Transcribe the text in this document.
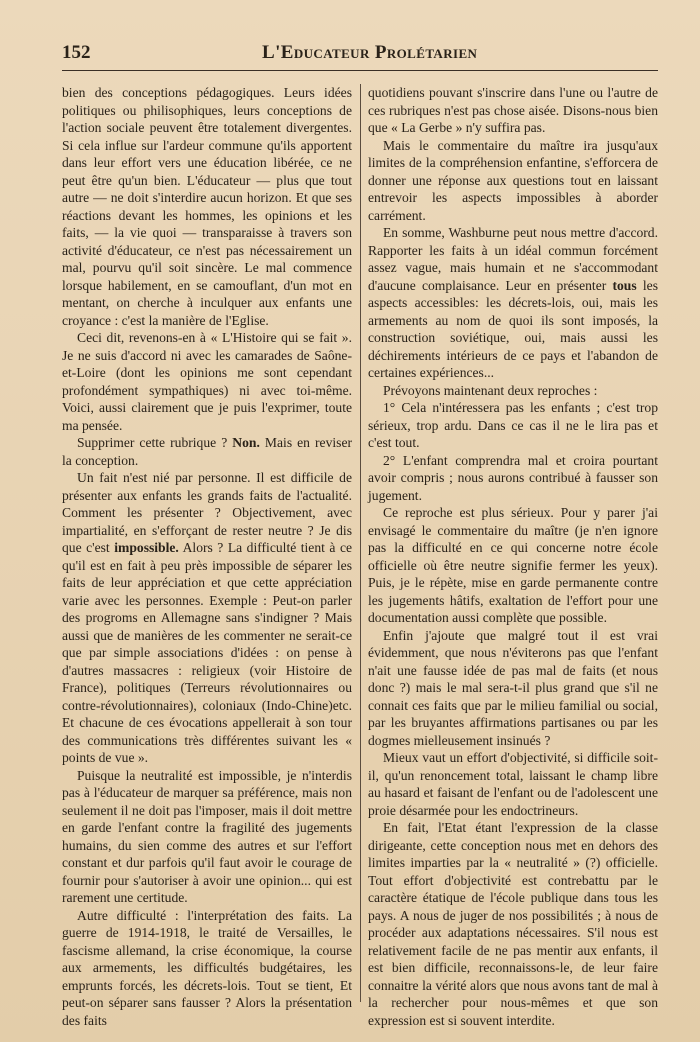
152	L'Educateur Prolétarien

bien des conceptions pédagogiques. Leurs idées politiques ou philisophiques, leurs conceptions de l'action sociale peuvent être totalement divergentes. Si cela influe sur l'ardeur commune qu'ils apportent dans leur effort vers une éducation libérée, ce ne peut être qu'un bien. L'éducateur — plus que tout autre — ne doit s'interdire aucun horizon. Et que ses réactions devant les hommes, les opinions et les faits, — la vie quoi — transparaisse à travers son activité d'éducateur, ce n'est pas nécessairement un mal, pourvu qu'il soit sincère. Le mal commence lorsque habilement, en se camouflant, d'un mot en mentant, on cherche à inculquer aux enfants une croyance : c'est la manière de l'Eglise.

Ceci dit, revenons-en à « L'Histoire qui se fait ». Je ne suis d'accord ni avec les camarades de Saône-et-Loire (dont les opinions me sont cependant profondément sympathiques) ni avec toi-même. Voici, aussi clairement que je puis l'exprimer, toute ma pensée.

Supprimer cette rubrique ? Non. Mais en reviser la conception.

Un fait n'est nié par personne. Il est difficile de présenter aux enfants les grands faits de l'actualité. Comment les présenter ? Objectivement, avec impartialité, en s'efforçant de rester neutre ? Je dis que c'est impossible. Alors ? La difficulté tient à ce qu'il est en fait à peu près impossible de séparer les faits de leur appréciation et que cette appréciation varie avec les personnes. Exemple : Peut-on parler des progroms en Allemagne sans s'indigner ? Mais aussi que de manières de les commenter ne serait-ce que par simple associations d'idées : on pense à d'autres massacres : religieux (voir Histoire de France), politiques (Terreurs révolutionnaires ou contre-révolutionnaires), coloniaux (Indo-Chine)etc. Et chacune de ces évocations appellerait à son tour des communications très différentes suivant les « points de vue ».

Puisque la neutralité est impossible, je n'interdis pas à l'éducateur de marquer sa préférence, mais non seulement il ne doit pas l'imposer, mais il doit mettre en garde l'enfant contre la fragilité des jugements humains, du sien comme des autres et sur l'effort constant et dur parfois qu'il faut avoir le courage de fournir pour s'autoriser à avoir une opinion... qui est rarement une certitude.

Autre difficulté : l'interprétation des faits. La guerre de 1914-1918, le traité de Versailles, le fascisme allemand, la crise économique, la course aux armements, les difficultés budgétaires, les emprunts forcés, les décrets-lois. Tout se tient, Et peut-on séparer sans fausser ? Alors la présentation des faits

quotidiens pouvant s'inscrire dans l'une ou l'autre de ces rubriques n'est pas chose aisée. Disons-nous bien que « La Gerbe » n'y suffira pas.

Mais le commentaire du maître ira jusqu'aux limites de la compréhension enfantine, s'efforcera de donner une réponse aux questions tout en laissant entrevoir les aspects impossibles à aborder carrément.

En somme, Washburne peut nous mettre d'accord. Rapporter les faits à un idéal commun forcément assez vague, mais humain et ne s'accommodant d'aucune complaisance. Leur en présenter tous les aspects accessibles: les décrets-lois, oui, mais les armements au nom de quoi ils sont imposés, la construction soviétique, oui, mais aussi les déchirements intérieurs de ce pays et l'abandon de certaines expériences...

Prévoyons maintenant deux reproches :

1° Cela n'intéressera pas les enfants ; c'est trop sérieux, trop ardu. Dans ce cas il ne le lira pas et c'est tout.

2° L'enfant comprendra mal et croira pourtant avoir compris ; nous aurons contribué à fausser son jugement.

Ce reproche est plus sérieux. Pour y parer j'ai envisagé le commentaire du maître (je n'en ignore pas la difficulté en ce qui concerne notre école officielle où être neutre signifie fermer les yeux). Puis, je le répète, mise en garde permanente contre les jugements hâtifs, exaltation de l'effort pour une documentation aussi complète que possible.

Enfin j'ajoute que malgré tout il est vrai évidemment, que nous n'éviterons pas que l'enfant n'ait une fausse idée de pas mal de faits (et nous donc ?) mais le mal sera-t-il plus grand que s'il ne connait ces faits que par le milieu familial ou social, par les bruyantes affirmations partisanes ou par les dogmes mielleusement insinués ?

Mieux vaut un effort d'objectivité, si difficile soit-il, qu'un renoncement total, laissant le champ libre au hasard et faisant de l'enfant ou de l'adolescent une proie désarmée pour les endoctrineurs.

En fait, l'Etat étant l'expression de la classe dirigeante, cette conception nous met en dehors des limites imparties par la « neutralité » (?) officielle. Tout effort d'objectivité est contrebattu par le caractère étatique de l'école publique dans tous les pays. A nous de juger de nos possibilités ; à nous de procéder aux adaptations nécessaires. S'il nous est relativement facile de ne pas mentir aux enfants, il est bien difficile, reconnaissons-le, de leur faire connaitre la vérité alors que nous avons tant de mal à la rechercher pour nous-mêmes et que son expression est si souvent interdite.
